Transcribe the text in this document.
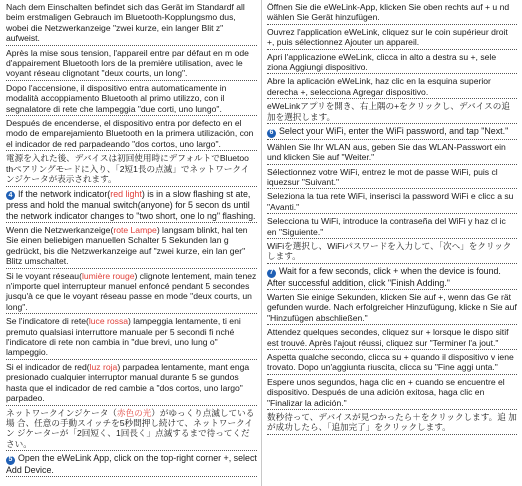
Nach dem Einschalten befindet sich das Gerät im Standardf all beim erstmaligen Gebrauch im Bluetooth-Kopplungsmo dus, wobei die Netzwerkanzeige "zwei kurze, ein langer Blit z" aufweist.

Après la mise sous tension, l'appareil entre par défaut en m ode d'appairement Bluetooth lors de la première utilisation, avec le voyant réseau clignotant "deux courts, un long".

Dopo l'accensione, il dispositivo entra automaticamente in modalità accoppiamento Bluetooth al primo utilizzo, con il segnalatore di rete che lampeggia "due corti, uno lungo".

Después de encenderse, el dispositivo entra por defecto en el modo de emparejamiento Bluetooth en la primera utilización, con el indicador de red parpadeando "dos cortos, uno largo".

電源を入れた後、デバイスは初回使用時にデフォルトでBluetoo thペアリングモードに入り、「2短1長の点滅」でネットワークイ ンジケータが表示されます。

4 If the network indicator(red light) is in a slow flashing st ate, press and hold the manual switch(anyone) for 5 secon ds until the network indicator changes to "two short, one lo ng" flashing.

Wenn die Netzwerkanzeige(rote Lampe) langsam blinkt, hal ten Sie einen beliebigen manuellen Schalter 5 Sekunden lan g gedrückt, bis die Netzwerkanzeige auf "zwei kurze, ein lan ger" Blitz umschaltet.

Si le voyant réseau(lumière rouge) clignote lentement, main tenez n'importe quel interrupteur manuel enfoncé pendant 5 secondes jusqu'à ce que le voyant réseau passe en mode "deux courts, un long".

Se l'indicatore di rete(luce rossa) lampeggia lentamente, ti eni premuto qualsiasi interruttore manuale per 5 secondi fi nché l'indicatore di rete non cambia in "due brevi, uno lung o" lampeggio.

Si el indicador de red(luz roja) parpadea lentamente, mant enga presionado cualquier interruptor manual durante 5 se gundos hasta que el indicador de red cambie a "dos cortos, uno largo" parpadeo.

ネットワークインジケータ（赤色の光）がゆっくり点滅している場 合、任意の手動スイッチを5秒間押し続けて、ネットワークイン ジケーターが「2回短く、1回長く」点滅するまで待ってください。

5 Open the eWeLink App, click on the top-right corner +, select Add Device.

Öffnen Sie die eWeLink-App, klicken Sie oben rechts auf + u nd wählen Sie Gerät hinzufügen.

Ouvrez l'application eWeLink, cliquez sur le coin supérieur droit +, puis sélectionnez Ajouter un appareil.

Apri l'applicazione eWeLink, clicca in alto a destra su +, sele ziona Aggiungi dispositivo.

Abre la aplicación eWeLink, haz clic en la esquina superior derecha +, selecciona Agregar dispositivo.

eWeLinkアプリを開き、右上隅の+をクリックし、デバイスの追 加を選択します。

6 Select your WiFi, enter the WiFi password, and tap "Next."

Wählen Sie Ihr WLAN aus, geben Sie das WLAN-Passwort ein und klicken Sie auf "Weiter."

Sélectionnez votre WiFi, entrez le mot de passe WiFi, puis cl iquezsur "Suivant."

Seleziona la tua rete WiFi, inserisci la password WiFi e clicc a su "Avanti."

Selecciona tu WiFi, introduce la contraseña del WiFi y haz cl ic en "Siguiente."

WiFiを選択し、WiFiパスワードを入力して、「次へ」をクリック します。

7 Wait for a few seconds, click + when the device is found. After successful addition, click "Finish Adding."

Warten Sie einige Sekunden, klicken Sie auf +, wenn das Ge rät gefunden wurde. Nach erfolgreicher Hinzufügung, klicke n Sie auf "Hinzufügen abschließen."

Attendez quelques secondes, cliquez sur + lorsque le dispo sitif est trouvé. Après l'ajout réussi, cliquez sur "Terminer l'a jout."

Aspetta qualche secondo, clicca su + quando il dispositivo v iene trovato. Dopo un'aggiunta riuscita, clicca su "Fine aggi unta."

Espere unos segundos, haga clic en + cuando se encuentre el dispositivo. Después de una adición exitosa, haga clic en "Finalizar la adición."

数秒待って、デバイスが見つかったら＋をクリックします。追 加が成功したら、「追加完了」をクリックします。
